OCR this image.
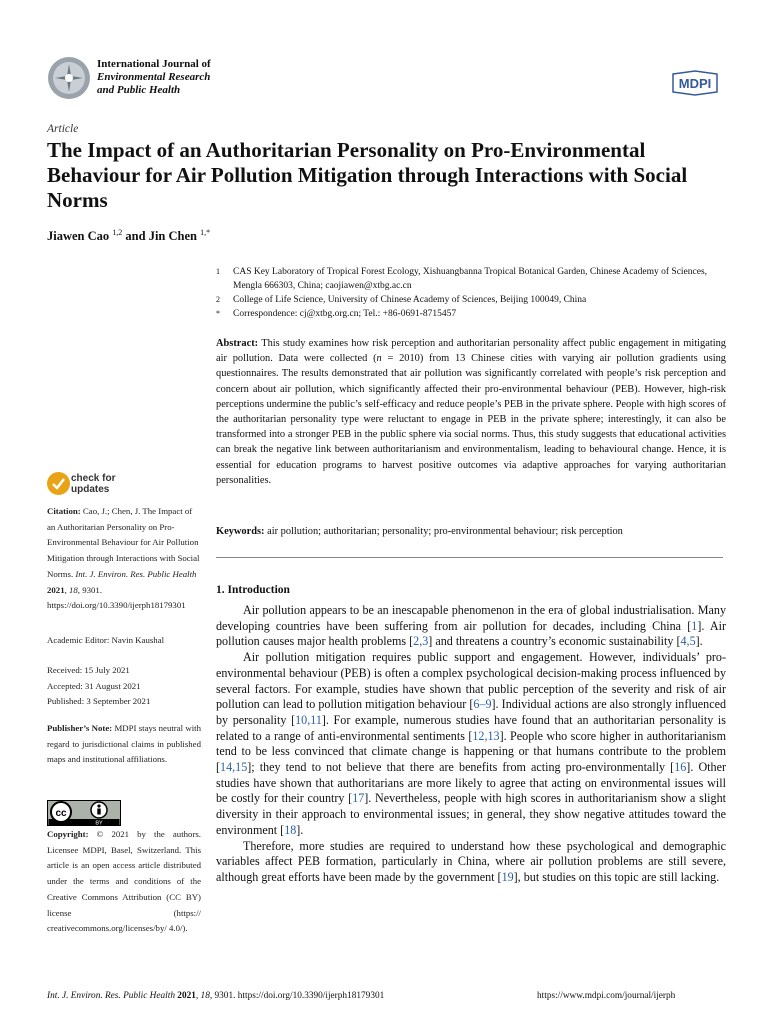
International Journal of
Environmental Research
and Public Health	MDPI
Article
The Impact of an Authoritarian Personality on Pro-Environmental Behaviour for Air Pollution Mitigation through Interactions with Social Norms
Jiawen Cao $^{1,2}$ and Jin Chen $^{1,*}$
1 CAS Key Laboratory of Tropical Forest Ecology, Xishuangbanna Tropical Botanical Garden, Chinese Academy of Sciences, Mengla 666303, China; caojiawen@xtbg.ac.cn
2 College of Life Science, University of Chinese Academy of Sciences, Beijing 100049, China
* Correspondence: cj@xtbg.org.cn; Tel.: +86-0691-8715457
Abstract: This study examines how risk perception and authoritarian personality affect public engagement in mitigating air pollution. Data were collected (n = 2010) from 13 Chinese cities with varying air pollution gradients using questionnaires. The results demonstrated that air pollution was significantly correlated with people’s risk perception and concern about air pollution, which significantly affected their pro-environmental behaviour (PEB). However, high-risk perceptions undermine the public’s self-efficacy and reduce people’s PEB in the private sphere. People with high scores of the authoritarian personality type were reluctant to engage in PEB in the private sphere; interestingly, it can also be transformed into a stronger PEB in the public sphere via social norms. Thus, this study suggests that educational activities can break the negative link between authoritarianism and environmentalism, leading to behavioural change. Hence, it is essential for education programs to harvest positive outcomes via adaptive approaches for varying authoritarian personalities.
Keywords: air pollution; authoritarian; personality; pro-environmental behaviour; risk perception
check for
updates
Citation: Cao, J.; Chen, J. The Impact of an Authoritarian Personality on Pro-Environmental Behaviour for Air Pollution Mitigation through Interactions with Social Norms. Int. J. Environ. Res. Public Health 2021, 18, 9301. https://doi.org/10.3390/ijerph18179301
Academic Editor: Navin Kaushal
Received: 15 July 2021
Accepted: 31 August 2021
Published: 3 September 2021
Publisher’s Note: MDPI stays neutral with regard to jurisdictional claims in published maps and institutional affiliations.
cc
BY
Copyright: © 2021 by the authors. Licensee MDPI, Basel, Switzerland. This article is an open access article distributed under the terms and conditions of the Creative Commons Attribution (CC BY) license (https:// creativecommons.org/licenses/by/ 4.0/).
1. Introduction

Air pollution appears to be an inescapable phenomenon in the era of global industrialisation. Many developing countries have been suffering from air pollution for decades, including China [1]. Air pollution causes major health problems [2,3] and threatens a country’s economic sustainability [4,5].

Air pollution mitigation requires public support and engagement. However, individuals’ pro-environmental behaviour (PEB) is often a complex psychological decision-making process influenced by several factors. For example, studies have shown that public perception of the severity and risk of air pollution can lead to pollution mitigation behaviour [6–9]. Individual actions are also strongly influenced by personality [10,11]. For example, numerous studies have found that an authoritarian personality is related to a range of anti-environmental sentiments [12,13]. People who score higher in authoritarianism tend to be less convinced that climate change is happening or that humans contribute to the problem [14,15]; they tend to not believe that there are benefits from acting pro-environmentally [16]. Other studies have shown that authoritarians are more likely to agree that acting on environmental issues will be costly for their country [17]. Nevertheless, people with high scores in authoritarianism show a slight diversity in their approach to environmental issues; in general, they show negative attitudes toward the environment [18].

Therefore, more studies are required to understand how these psychological and demographic variables affect PEB formation, particularly in China, where air pollution problems are still severe, although great efforts have been made by the government [19], but studies on this topic are still lacking.

Int. J. Environ. Res. Public Health 2021, 18, 9301. https://doi.org/10.3390/ijerph18179301	https://www.mdpi.com/journal/ijerph
